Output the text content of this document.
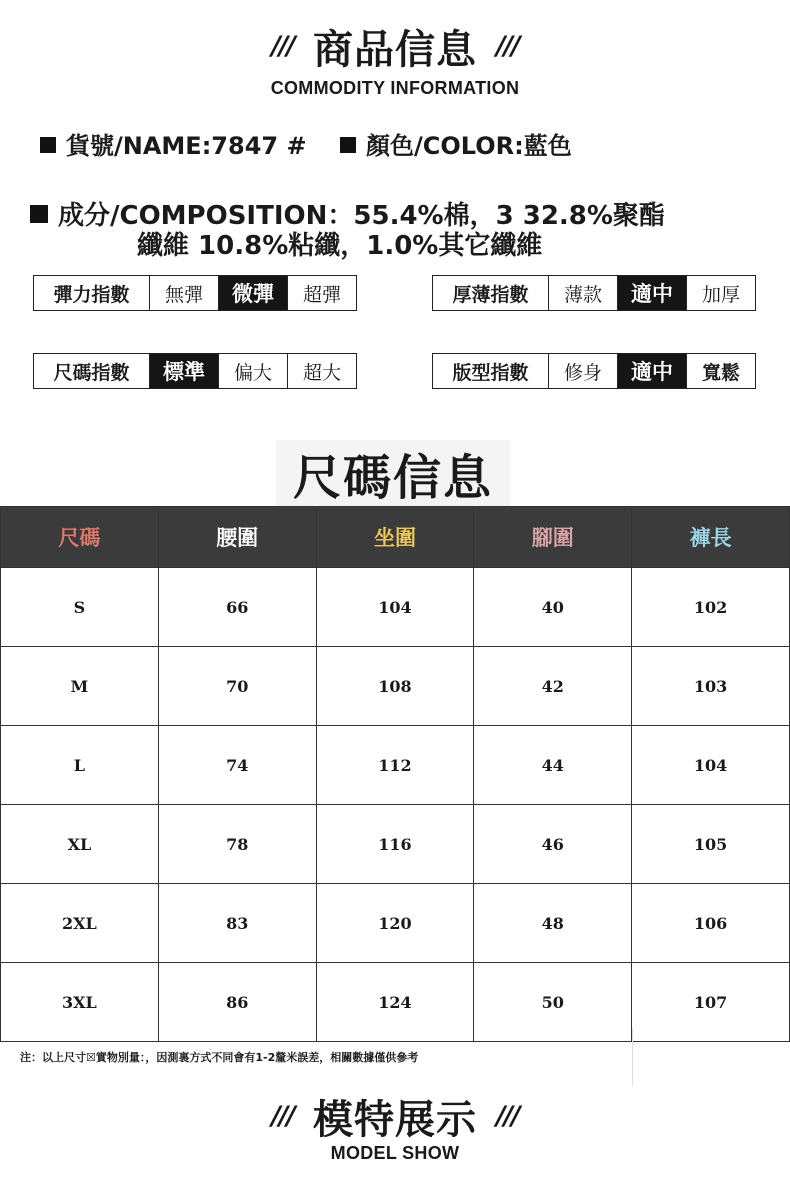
/// 商品信息 ///
COMMODITY INFORMATION
貨號/NAME:7847 #	顏色/COLOR:藍色
成分/COMPOSITION：55.4%棉，3 32.8%聚酯
纖維 10.8%粘纖，1.0%其它纖維
彈力指數	無彈	微彈	超彈	厚薄指數	薄款	適中	加厚
尺碼指數	標準	偏大	超大	版型指數	修身	適中	寬鬆
尺碼信息
尺碼	腰圍	坐圍	腳圍	褲長
S	66	104	40	102
M	70	108	42	103
L	74	112	44	104
XL	78	116	46	105
2XL	83	120	48	106
3XL	86	124	50	107
注：以上尺寸☒實物別量：，因測裏方式不同會有1-2釐米誤差，相關數據僅供參考
/// 模特展示 ///
MODEL SHOW
